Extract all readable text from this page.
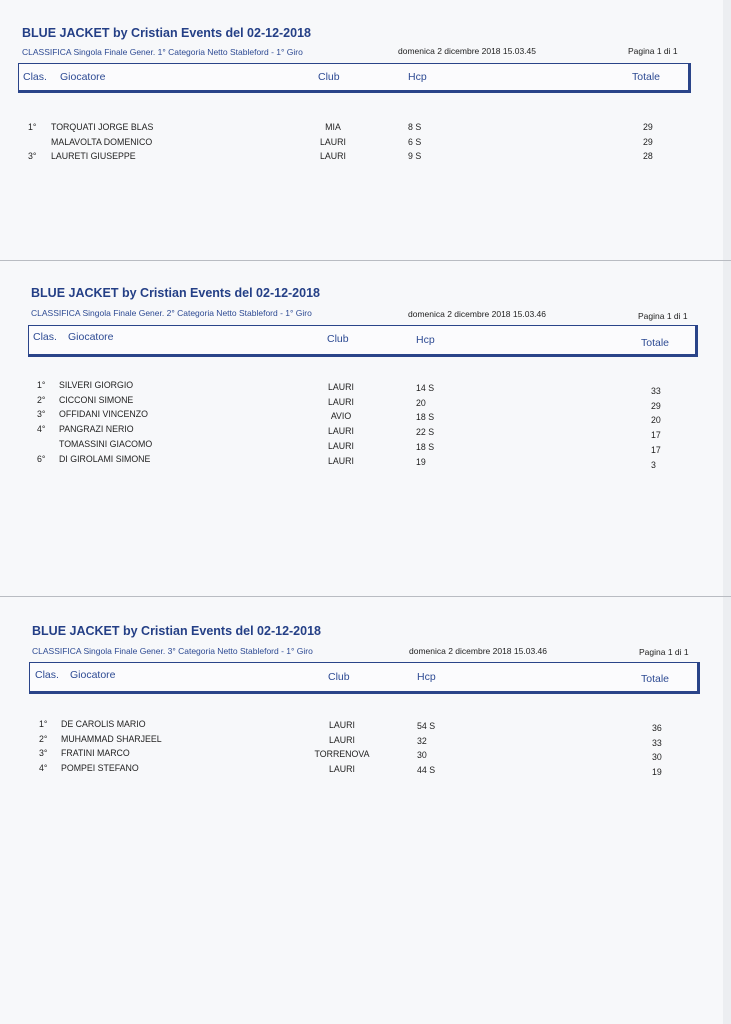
BLUE JACKET by Cristian Events del 02-12-2018
CLASSIFICA Singola Finale Gener. 1° Categoria Netto Stableford - 1° Giro	domenica 2 dicembre 2018 15.03.45	Pagina 1 di 1
Clas. Giocatore	Club	Hcp	Totale
1° TORQUATI JORGE BLAS	MIA	8 S	29
MALAVOLTA DOMENICO	LAURI	6 S	29
3° LAURETI GIUSEPPE	LAURI	9 S	28
BLUE JACKET by Cristian Events del 02-12-2018
CLASSIFICA Singola Finale Gener. 2° Categoria Netto Stableford - 1° Giro	domenica 2 dicembre 2018 15.03.46	Pagina 1 di 1
Clas. Giocatore	Club	Hcp	Totale
1° SILVERI GIORGIO	LAURI	14 S	33
2° CICCONI SIMONE	LAURI	20	29
3° OFFIDANI VINCENZO	AVIO	18 S	20
4° PANGRAZI NERIO	LAURI	22 S	17
TOMASSINI GIACOMO	LAURI	18 S	17
6° DI GIROLAMI SIMONE	LAURI	19	3
BLUE JACKET by Cristian Events del 02-12-2018
CLASSIFICA Singola Finale Gener. 3° Categoria Netto Stableford - 1° Giro	domenica 2 dicembre 2018 15.03.46	Pagina 1 di 1
Clas. Giocatore	Club	Hcp	Totale
1° DE CAROLIS MARIO	LAURI	54 S	36
2° MUHAMMAD SHARJEEL	LAURI	32	33
3° FRATINI MARCO	TORRENOVA	30	30
4° POMPEI STEFANO	LAURI	44 S	19
